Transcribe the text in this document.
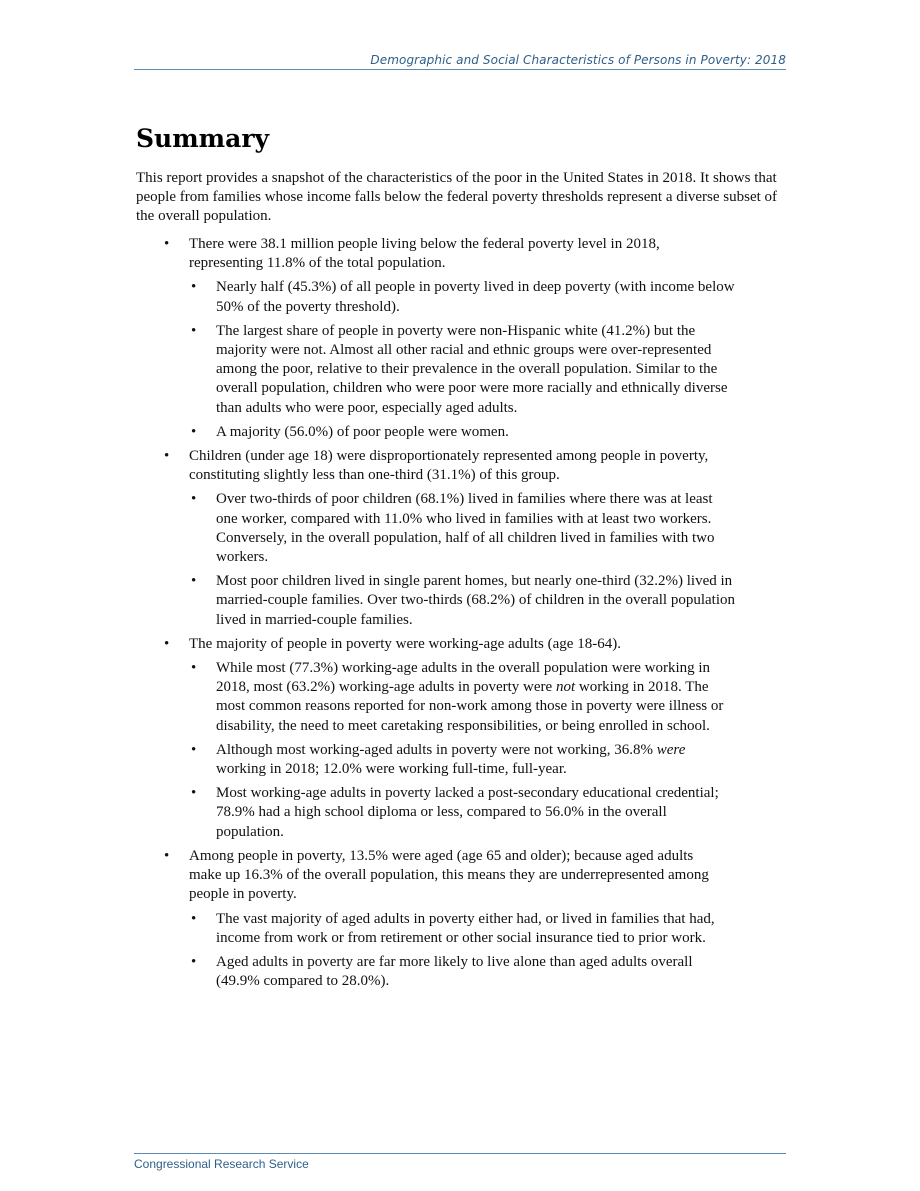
Demographic and Social Characteristics of Persons in Poverty: 2018
Summary

This report provides a snapshot of the characteristics of the poor in the United States in 2018. It shows that people from families whose income falls below the federal poverty thresholds represent a diverse subset of the overall population.

• There were 38.1 million people living below the federal poverty level in 2018, representing 11.8% of the total population.
• Nearly half (45.3%) of all people in poverty lived in deep poverty (with income below 50% of the poverty threshold).
• The largest share of people in poverty were non-Hispanic white (41.2%) but the majority were not. Almost all other racial and ethnic groups were over-represented among the poor, relative to their prevalence in the overall population. Similar to the overall population, children who were poor were more racially and ethnically diverse than adults who were poor, especially aged adults.
• A majority (56.0%) of poor people were women.
• Children (under age 18) were disproportionately represented among people in poverty, constituting slightly less than one-third (31.1%) of this group.
• Over two-thirds of poor children (68.1%) lived in families where there was at least one worker, compared with 11.0% who lived in families with at least two workers. Conversely, in the overall population, half of all children lived in families with two workers.
• Most poor children lived in single parent homes, but nearly one-third (32.2%) lived in married-couple families. Over two-thirds (68.2%) of children in the overall population lived in married-couple families.
• The majority of people in poverty were working-age adults (age 18-64).
• While most (77.3%) working-age adults in the overall population were working in 2018, most (63.2%) working-age adults in poverty were not working in 2018. The most common reasons reported for non-work among those in poverty were illness or disability, the need to meet caretaking responsibilities, or being enrolled in school.
• Although most working-aged adults in poverty were not working, 36.8% were working in 2018; 12.0% were working full-time, full-year.
• Most working-age adults in poverty lacked a post-secondary educational credential; 78.9% had a high school diploma or less, compared to 56.0% in the overall population.
• Among people in poverty, 13.5% were aged (age 65 and older); because aged adults make up 16.3% of the overall population, this means they are underrepresented among people in poverty.
• The vast majority of aged adults in poverty either had, or lived in families that had, income from work or from retirement or other social insurance tied to prior work.
• Aged adults in poverty are far more likely to live alone than aged adults overall (49.9% compared to 28.0%).
Congressional Research Service
